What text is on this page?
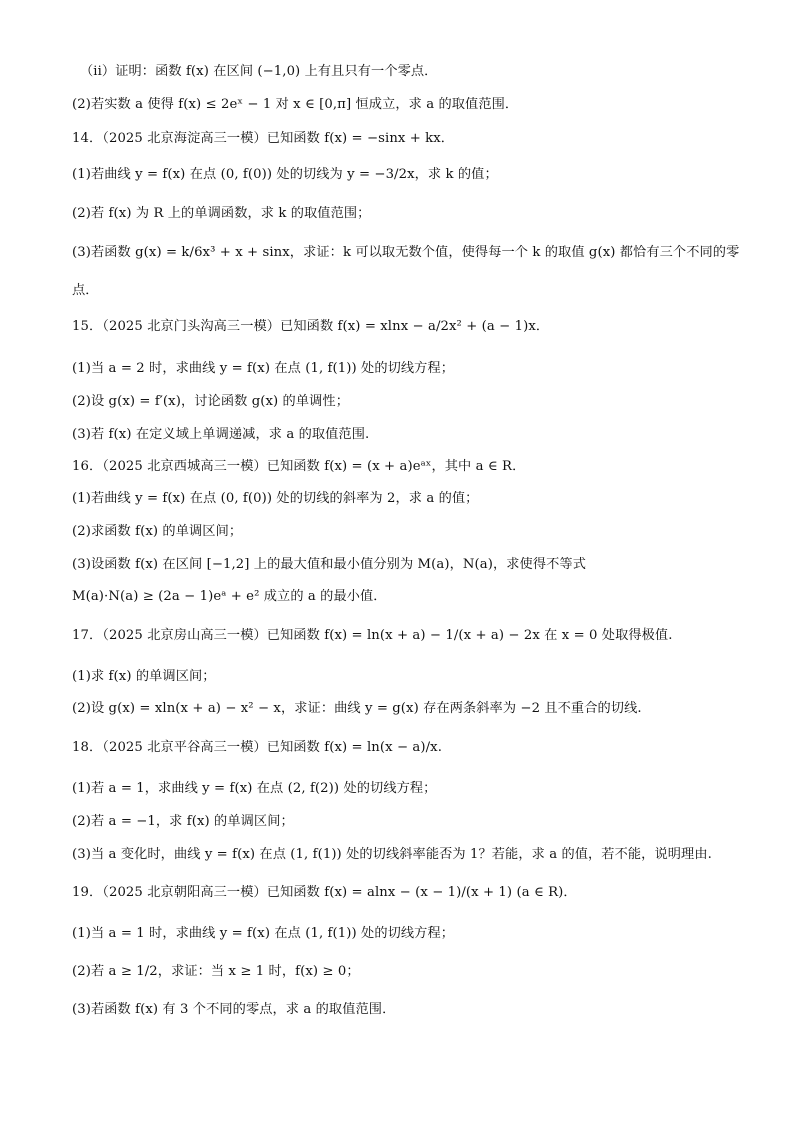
（ii）证明：函数 f(x) 在区间 (−1,0) 上有且只有一个零点．
(2)若实数 a 使得 f(x) ≤ 2eˣ − 1 对 x ∈ [0,π] 恒成立，求 a 的取值范围．
14．（2025 北京海淀高三一模）已知函数 f(x) = −sinx + kx．
(1)若曲线 y = f(x) 在点 (0, f(0)) 处的切线为 y = −3/2x，求 k 的值；
(2)若 f(x) 为 R 上的单调函数，求 k 的取值范围；
(3)若函数 g(x) = k/6x³ + x + sinx，求证：k 可以取无数个值，使得每一个 k 的取值 g(x) 都恰有三个不同的零
点．
15．（2025 北京门头沟高三一模）已知函数 f(x) = xlnx − a/2x² + (a − 1)x．
(1)当 a = 2 时，求曲线 y = f(x) 在点 (1, f(1)) 处的切线方程；
(2)设 g(x) = f′(x)，讨论函数 g(x) 的单调性；
(3)若 f(x) 在定义域上单调递减，求 a 的取值范围.
16．（2025 北京西城高三一模）已知函数 f(x) = (x + a)eᵃˣ，其中 a ∈ R．
(1)若曲线 y = f(x) 在点 (0, f(0)) 处的切线的斜率为 2，求 a 的值；
(2)求函数 f(x) 的单调区间；
(3)设函数 f(x) 在区间 [−1,2] 上的最大值和最小值分别为 M(a)，N(a)，求使得不等式
M(a)·N(a) ≥ (2a − 1)eᵃ + e² 成立的 a 的最小值．
17．（2025 北京房山高三一模）已知函数 f(x) = ln(x + a) − 1/(x + a) − 2x 在 x = 0 处取得极值.
(1)求 f(x) 的单调区间；
(2)设 g(x) = xln(x + a) − x² − x，求证：曲线 y = g(x) 存在两条斜率为 −2 且不重合的切线.
18．（2025 北京平谷高三一模）已知函数 f(x) = ln(x − a)/x.
(1)若 a = 1，求曲线 y = f(x) 在点 (2, f(2)) 处的切线方程；
(2)若 a = −1，求 f(x) 的单调区间；
(3)当 a 变化时，曲线 y = f(x) 在点 (1, f(1)) 处的切线斜率能否为 1？若能，求 a 的值，若不能，说明理由.
19．（2025 北京朝阳高三一模）已知函数 f(x) = alnx − (x − 1)/(x + 1) (a ∈ R)．
(1)当 a = 1 时，求曲线 y = f(x) 在点 (1, f(1)) 处的切线方程；
(2)若 a ≥ 1/2，求证：当 x ≥ 1 时，f(x) ≥ 0；
(3)若函数 f(x) 有 3 个不同的零点，求 a 的取值范围．
